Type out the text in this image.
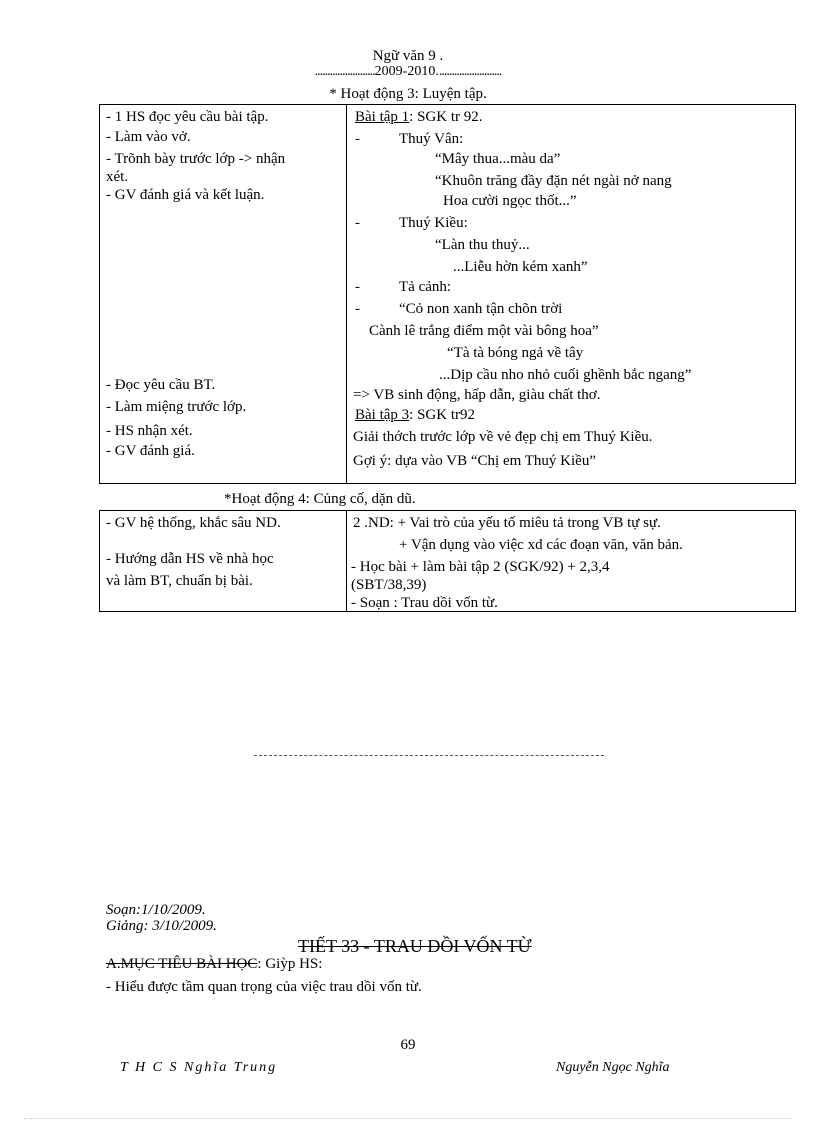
Ngữ văn 9 .
........................2009-2010..........................
* Hoạt động 3: Luyện tập.
- 1 HS đọc yêu cầu bài tập.
- Làm vào vở.
- Trõnh bày trước lớp -> nhận
xét.
- GV đánh giá và kết luận.
- Đọc yêu cầu BT.
- Làm miệng trước lớp.
- HS nhận xét.
- GV đánh giá.

Bài tập 1: SGK tr 92.
-	Thuý Vân:
“Mây thua...màu da”
“Khuôn trăng đầy đặn nét ngài nở nang
Hoa cười ngọc thốt...”
-	Thuý Kiều:
“Làn thu thuỷ...
...Liễu hờn kém xanh”
-	Tả cảnh:
-	“Cỏ non xanh tận chõn trời
Cành lê trắng điểm một vài bông hoa”
“Tà tà bóng ngả về tây
...Dịp cầu nho nhỏ cuối ghềnh bắc ngang”
=> VB sinh động, hấp dẫn, giàu chất thơ.
Bài tập 3: SGK tr92
Giải thớch trước lớp về vẻ đẹp chị em Thuý Kiều.
Gợi ý: dựa vào VB “Chị em Thuý Kiều”
*Hoạt động 4: Củng cố, dặn dũ.
- GV hệ thống, khắc sâu ND.
- Hướng dẫn HS về nhà học
và làm BT, chuẩn bị bài.

2 .ND: + Vai trò của yếu tố miêu tả trong VB tự sự.
+ Vận dụng vào việc xd các đoạn văn, văn bản.
- Học bài + làm bài tập 2 (SGK/92) + 2,3,4
(SBT/38,39)
- Soạn : Trau dồi vốn từ.
Soạn:1/10/2009.
Giảng: 3/10/2009.
TIẾT 33 - TRAU DỒI VỐN TỪ
A.MỤC TIÊU BÀI HỌC: Giỳp HS:
- Hiểu được tầm quan trọng của việc trau dồi vốn từ.
69
T H C S Nghĩa Trung	Nguyễn Ngọc Nghĩa
